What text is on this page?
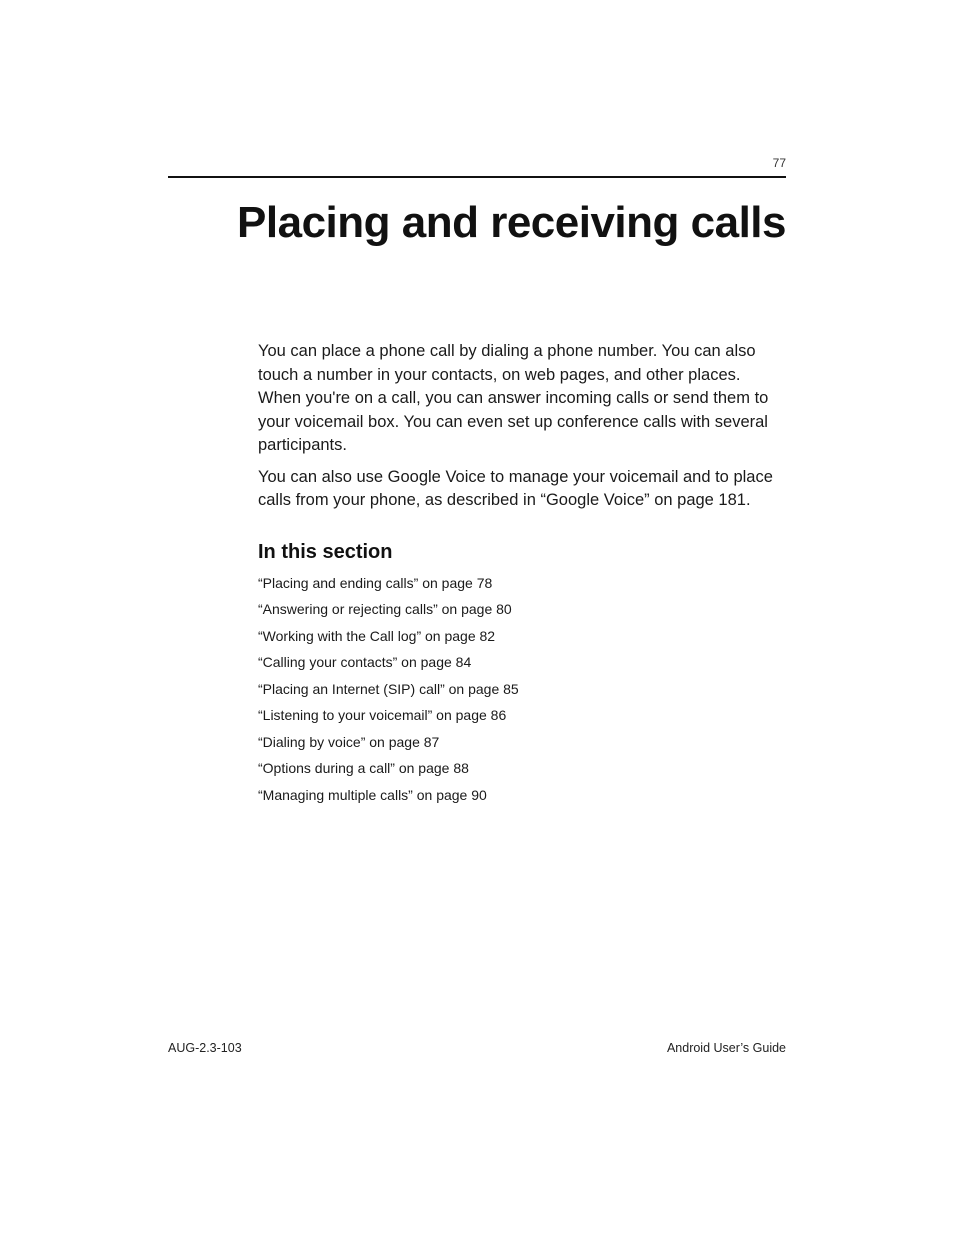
77
Placing and receiving calls

You can place a phone call by dialing a phone number. You can also touch a number in your contacts, on web pages, and other places. When you're on a call, you can answer incoming calls or send them to your voicemail box. You can even set up conference calls with several participants.

You can also use Google Voice to manage your voicemail and to place calls from your phone, as described in “Google Voice” on page 181.

In this section
“Placing and ending calls” on page 78
“Answering or rejecting calls” on page 80
“Working with the Call log” on page 82
“Calling your contacts” on page 84
“Placing an Internet (SIP) call” on page 85
“Listening to your voicemail” on page 86
“Dialing by voice” on page 87
“Options during a call” on page 88
“Managing multiple calls” on page 90
AUG-2.3-103	Android User’s Guide
